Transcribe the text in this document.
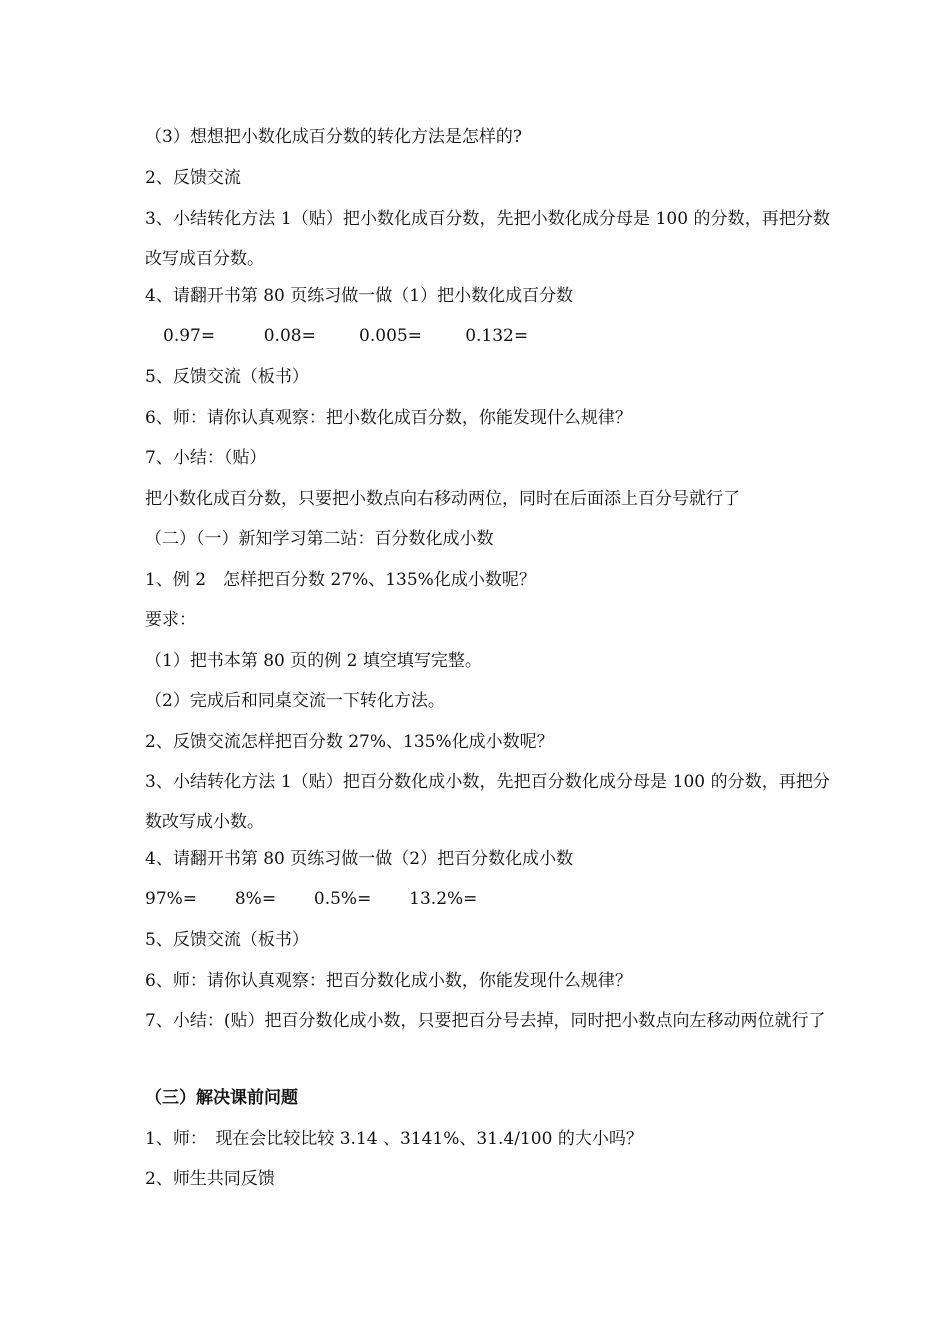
（3）想想把小数化成百分数的转化方法是怎样的?
2、反馈交流
3、小结转化方法 1（贴）把小数化成百分数，先把小数化成分母是 100 的分数，再把分数改写成百分数。
4、请翻开书第 80 页练习做一做（1）把小数化成百分数
0.97=         0.08=        0.005=        0.132=
5、反馈交流（板书）
6、师：请你认真观察：把小数化成百分数，你能发现什么规律？
7、小结：（贴）
把小数化成百分数，只要把小数点向右移动两位，同时在后面添上百分号就行了
（二）（一）新知学习第二站：百分数化成小数
1、例 2　怎样把百分数 27%、135%化成小数呢？
要求：
（1）把书本第 80 页的例 2 填空填写完整。
（2）完成后和同桌交流一下转化方法。
2、反馈交流怎样把百分数 27%、135%化成小数呢？
3、小结转化方法 1（贴）把百分数化成小数，先把百分数化成分母是 100 的分数，再把分数改写成小数。
4、请翻开书第 80 页练习做一做（2）把百分数化成小数
97%=       8%=       0.5%=       13.2%=
5、反馈交流（板书）
6、师：请你认真观察：把百分数化成小数，你能发现什么规律？
7、小结：(贴）把百分数化成小数，只要把百分号去掉，同时把小数点向左移动两位就行了
（三）解决课前问题
1、师：　现在会比较比较 3.14 、3141%、31.4/100 的大小吗？
2、师生共同反馈
